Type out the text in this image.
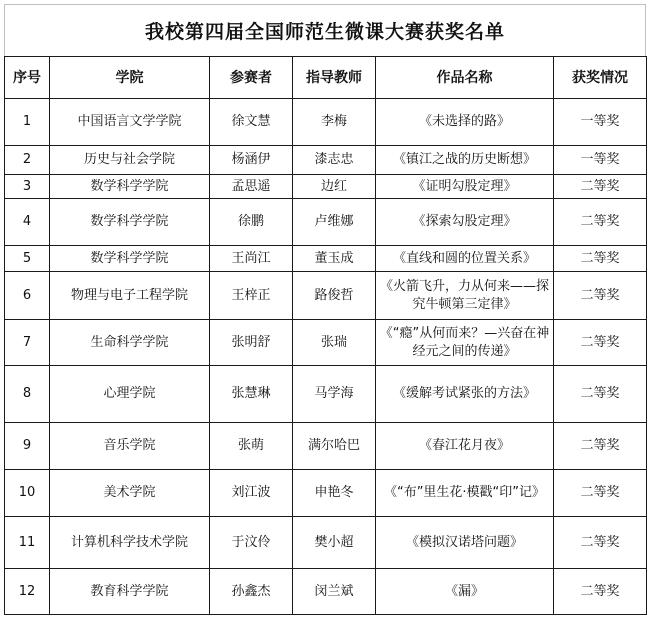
我校第四届全国师范生微课大赛获奖名单
序号	学院	参赛者	指导教师	作品名称	获奖情况
1	中国语言文学学院	徐文慧	李梅	《未选择的路》	一等奖
2	历史与社会学院	杨涵伊	漆志忠	《镇江之战的历史断想》	一等奖
3	数学科学学院	孟思遥	边红	《证明勾股定理》	二等奖
4	数学科学学院	徐鹏	卢维娜	《探索勾股定理》	二等奖
5	数学科学学院	王尚江	董玉成	《直线和圆的位置关系》	二等奖
6	物理与电子工程学院	王梓正	路俊哲	《火箭飞升，力从何来——探究牛顿第三定律》	二等奖
7	生命科学学院	张明舒	张瑞	《“瘾”从何而来？—兴奋在神经元之间的传递》	二等奖
8	心理学院	张慧琳	马学海	《缓解考试紧张的方法》	二等奖
9	音乐学院	张萌	满尔哈巴	《春江花月夜》	二等奖
10	美术学院	刘江波	申艳冬	《“布”里生花·模戳“印”记》	二等奖
11	计算机科学技术学院	于汶伶	樊小超	《模拟汉诺塔问题》	二等奖
12	教育科学学院	孙鑫杰	闵兰斌	《漏》	二等奖
